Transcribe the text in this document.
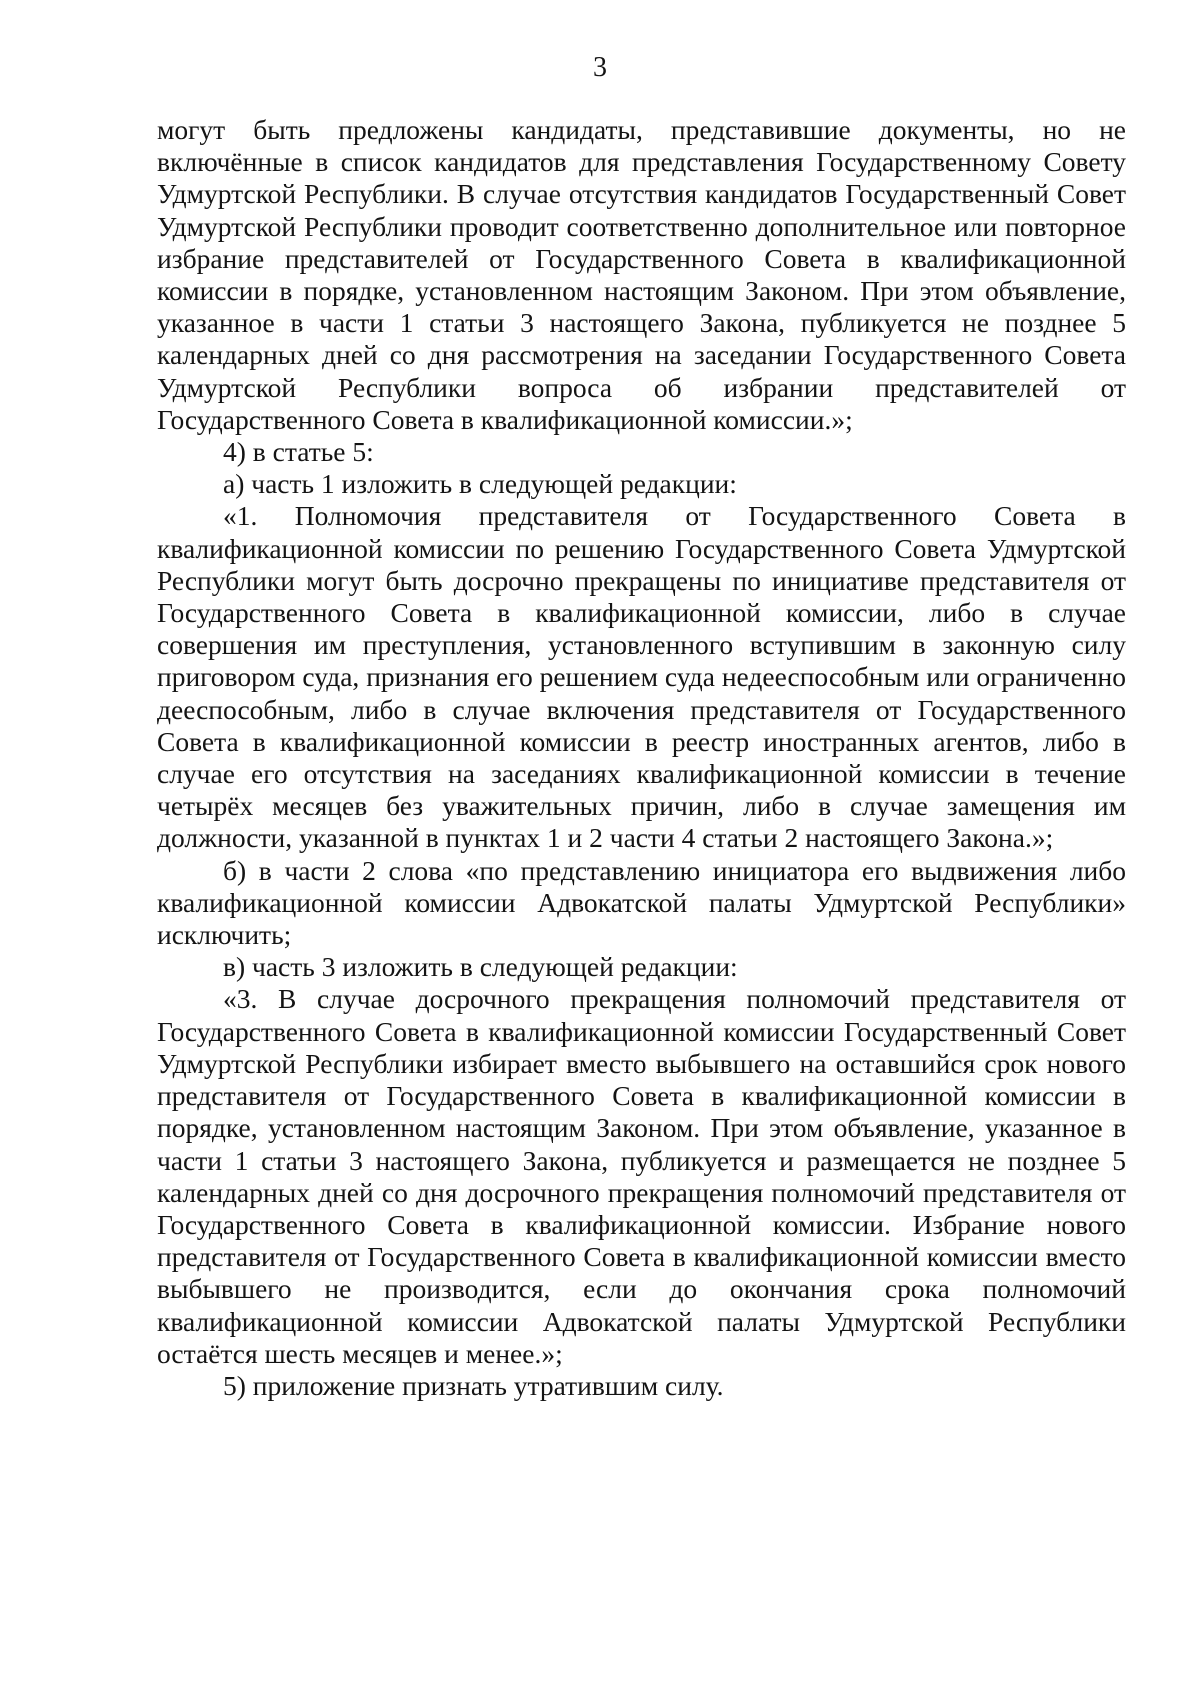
3

могут быть предложены кандидаты, представившие документы, но не включённые в список кандидатов для представления Государственному Совету Удмуртской Республики. В случае отсутствия кандидатов Государственный Совет Удмуртской Республики проводит соответственно дополнительное или повторное избрание представителей от Государственного Совета в квалификационной комиссии в порядке, установленном настоящим Законом. При этом объявление, указанное в части 1 статьи 3 настоящего Закона, публикуется не позднее 5 календарных дней со дня рассмотрения на заседании Государственного Совета Удмуртской Республики вопроса об избрании представителей от Государственного Совета в квалификационной комиссии.»;

4) в статье 5:

а) часть 1 изложить в следующей редакции:

«1. Полномочия представителя от Государственного Совета в квалификационной комиссии по решению Государственного Совета Удмуртской Республики могут быть досрочно прекращены по инициативе представителя от Государственного Совета в квалификационной комиссии, либо в случае совершения им преступления, установленного вступившим в законную силу приговором суда, признания его решением суда недееспособным или ограниченно дееспособным, либо в случае включения представителя от Государственного Совета в квалификационной комиссии в реестр иностранных агентов, либо в случае его отсутствия на заседаниях квалификационной комиссии в течение четырёх месяцев без уважительных причин, либо в случае замещения им должности, указанной в пунктах 1 и 2 части 4 статьи 2 настоящего Закона.»;

б) в части 2 слова «по представлению инициатора его выдвижения либо квалификационной комиссии Адвокатской палаты Удмуртской Республики» исключить;

в) часть 3 изложить в следующей редакции:

«3. В случае досрочного прекращения полномочий представителя от Государственного Совета в квалификационной комиссии Государственный Совет Удмуртской Республики избирает вместо выбывшего на оставшийся срок нового представителя от Государственного Совета в квалификационной комиссии в порядке, установленном настоящим Законом. При этом объявление, указанное в части 1 статьи 3 настоящего Закона, публикуется и размещается не позднее 5 календарных дней со дня досрочного прекращения полномочий представителя от Государственного Совета в квалификационной комиссии. Избрание нового представителя от Государственного Совета в квалификационной комиссии вместо выбывшего не производится, если до окончания срока полномочий квалификационной комиссии Адвокатской палаты Удмуртской Республики остаётся шесть месяцев и менее.»;

5) приложение признать утратившим силу.
